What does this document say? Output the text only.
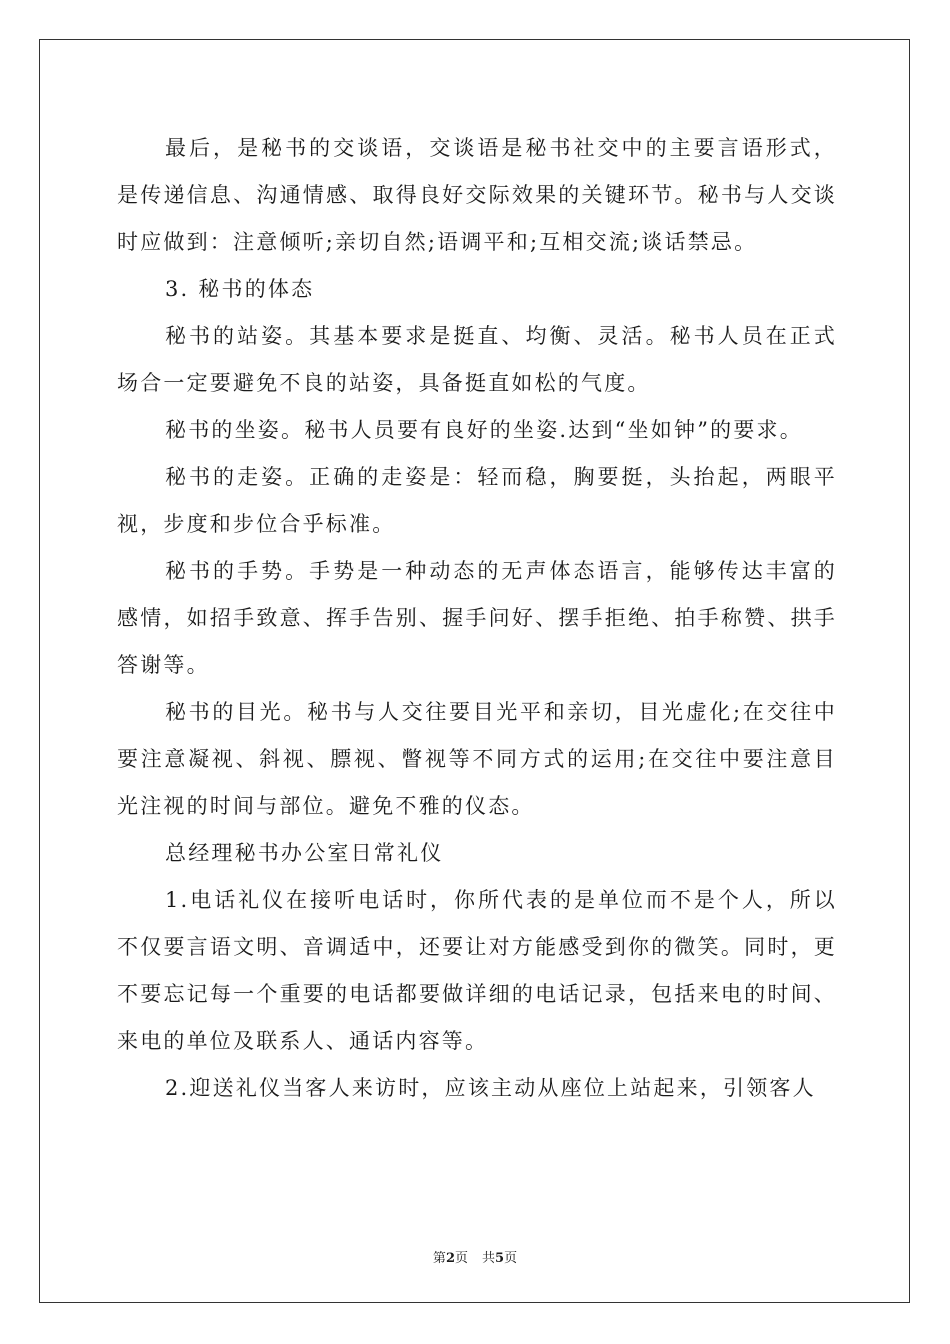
最后，是秘书的交谈语，交谈语是秘书社交中的主要言语形式，是传递信息、沟通情感、取得良好交际效果的关键环节。秘书与人交谈时应做到：注意倾听;亲切自然;语调平和;互相交流;谈话禁忌。

3. 秘书的体态

秘书的站姿。其基本要求是挺直、均衡、灵活。秘书人员在正式场合一定要避免不良的站姿，具备挺直如松的气度。

秘书的坐姿。秘书人员要有良好的坐姿.达到“坐如钟”的要求。

秘书的走姿。正确的走姿是：轻而稳，胸要挺，头抬起，两眼平视，步度和步位合乎标准。

秘书的手势。手势是一种动态的无声体态语言，能够传达丰富的感情，如招手致意、挥手告别、握手问好、摆手拒绝、拍手称赞、拱手答谢等。

秘书的目光。秘书与人交往要目光平和亲切，目光虚化;在交往中要注意凝视、斜视、膘视、瞥视等不同方式的运用;在交往中要注意目光注视的时间与部位。避免不雅的仪态。

总经理秘书办公室日常礼仪

1.电话礼仪在接听电话时，你所代表的是单位而不是个人，所以不仅要言语文明、音调适中，还要让对方能感受到你的微笑。同时，更不要忘记每一个重要的电话都要做详细的电话记录，包括来电的时间、来电的单位及联系人、通话内容等。

2.迎送礼仪当客人来访时，应该主动从座位上站起来，引领客人

第2页 共5页
